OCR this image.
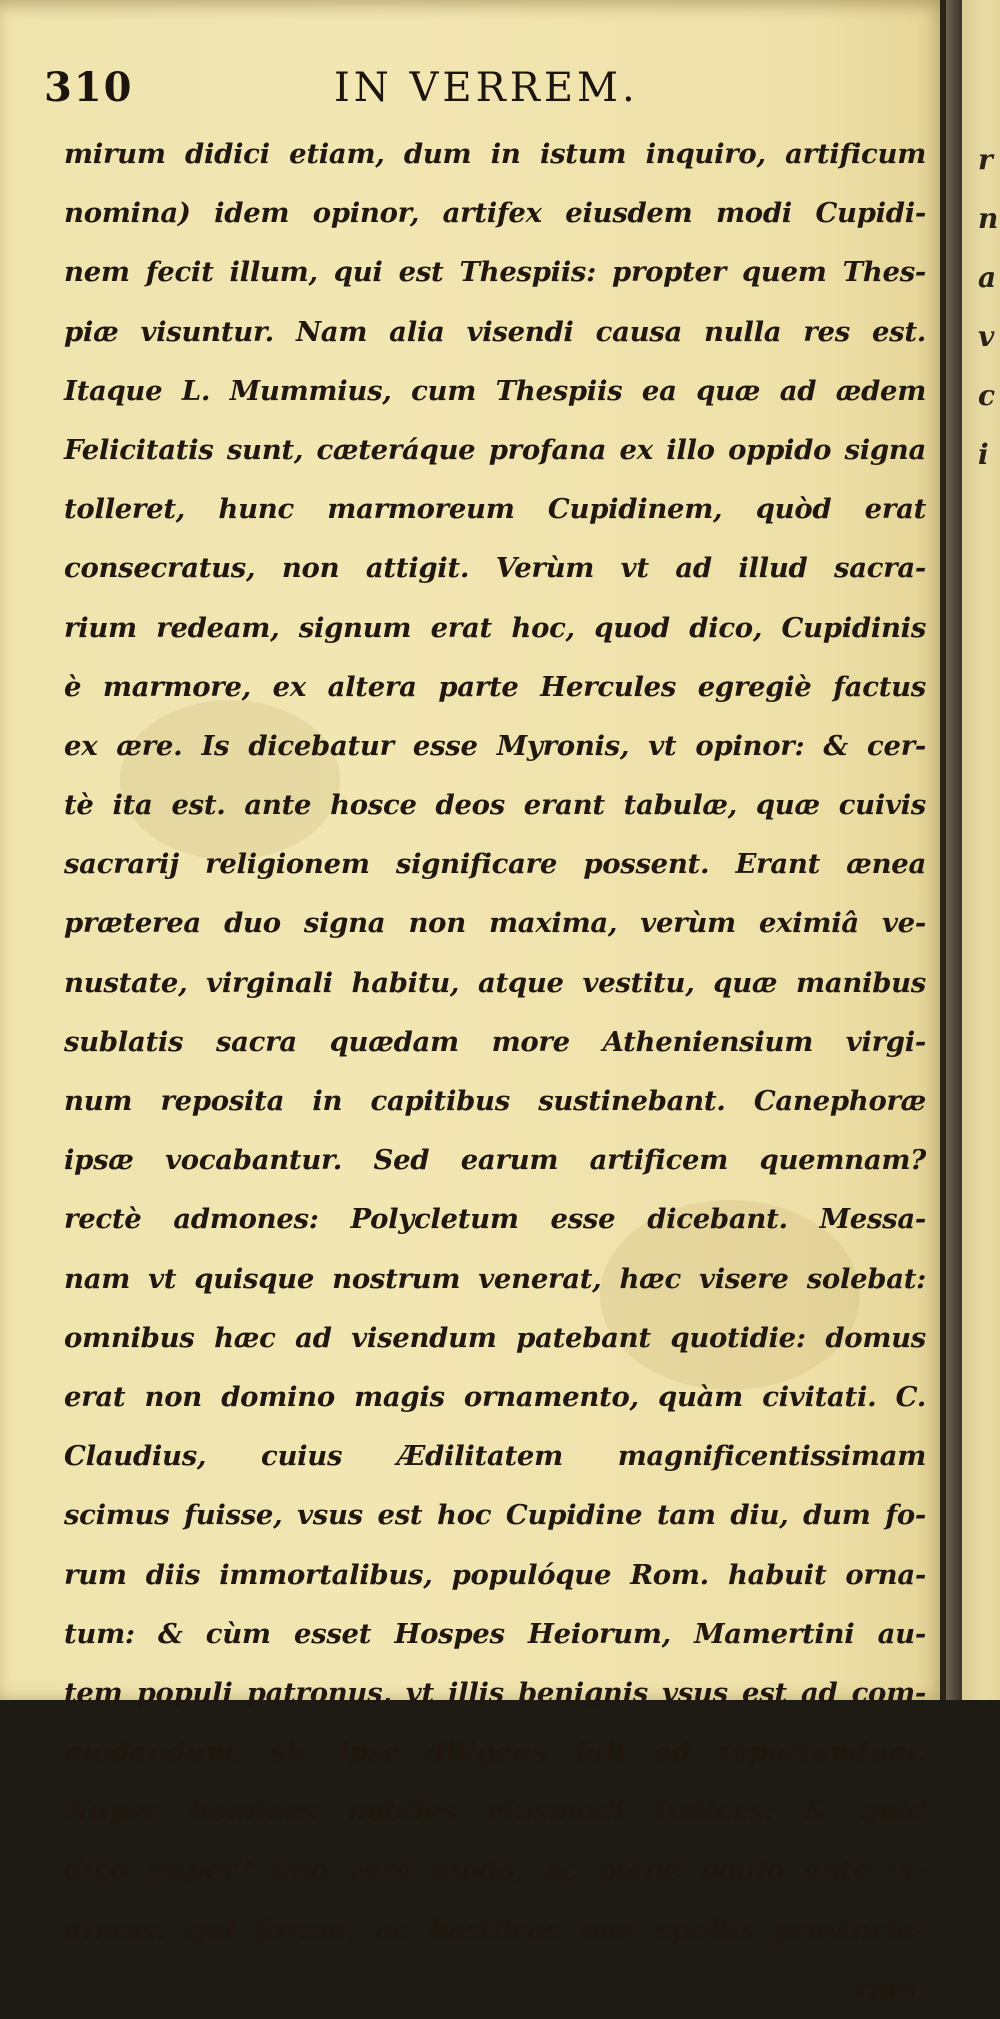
310	IN VERREM.
mirum didici etiam, dum in istum inquiro, artificum
nomina) idem opinor, artifex eiusdem modi Cupidi-
nem fecit illum, qui est Thespiis: propter quem Thes-
piæ visuntur. Nam alia visendi causa nulla res est.
Itaque L. Mummius, cum Thespiis ea quæ ad ædem
Felicitatis sunt, cæteráque profana ex illo oppido signa
tolleret, hunc marmoreum Cupidinem, quòd erat
consecratus, non attigit. Verùm vt ad illud sacra-
rium redeam, signum erat hoc, quod dico, Cupidinis
è marmore, ex altera parte Hercules egregiè factus
ex ære. Is dicebatur esse Myronis, vt opinor: & cer-
tè ita est. ante hosce deos erant tabulæ, quæ cuivis
sacrarij religionem significare possent. Erant ænea
præterea duo signa non maxima, verùm eximiâ ve-
nustate, virginali habitu, atque vestitu, quæ manibus
sublatis sacra quædam more Atheniensium virgi-
num reposita in capitibus sustinebant. Canephoræ
ipsæ vocabantur. Sed earum artificem quemnam?
rectè admones: Polycletum esse dicebant. Messa-
nam vt quisque nostrum venerat, hæc visere solebat:
omnibus hæc ad visendum patebant quotidie: domus
erat non domino magis ornamento, quàm civitati. C.
Claudius, cuius Ædilitatem magnificentissimam
scimus fuisse, vsus est hoc Cupidine tam diu, dum fo-
rum diis immortalibus, populóque Rom. habuit orna-
tum: & cùm esset Hospes Heiorum, Mamertini au-
tem populi patronus, vt illis benignis vsus est ad com-
modandum, sic ipse diligens fuit ad reportandum.
Nuper homines nobiles eiusmodi Iudices: & quid
dico nuper? imò verò modò, ac planè paulò antè vi-
dimus: qui forum, ac basilicas non spoliis provincia-
rum,
r
n
a
v
c
i
